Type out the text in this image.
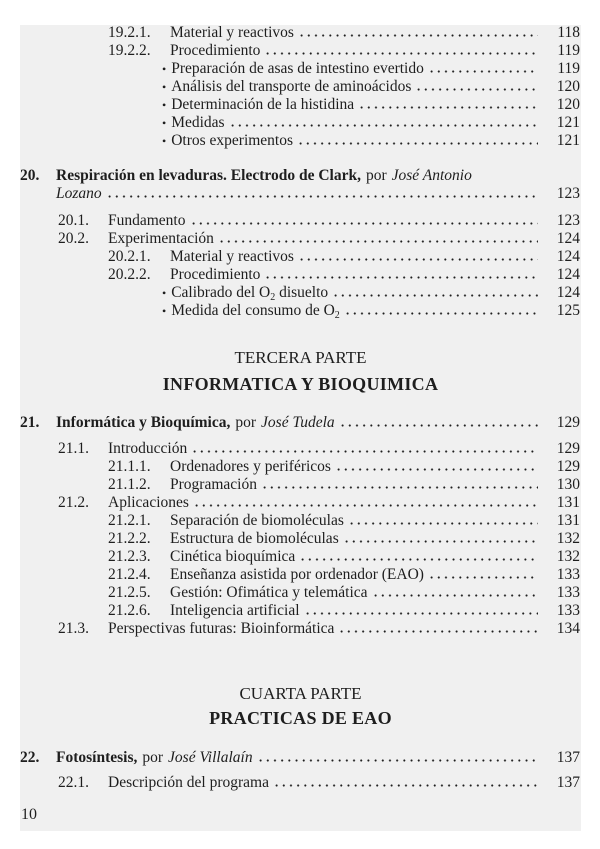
19.2.1.	Material y reactivos	118
19.2.2.	Procedimiento	119
• Preparación de asas de intestino evertido	119
• Análisis del transporte de aminoácidos	120
• Determinación de la histidina	120
• Medidas	121
• Otros experimentos	121
20.	Respiración en levaduras. Electrodo de Clark, por José Antonio
Lozano	123
20.1.	Fundamento	123
20.2.	Experimentación	124
20.2.1.	Material y reactivos	124
20.2.2.	Procedimiento	124
• Calibrado del $O_2$ disuelto	124
• Medida del consumo de $O_2$	125
TERCERA PARTE
INFORMATICA Y BIOQUIMICA
21.	Informática y Bioquímica, por José Tudela	129
21.1.	Introducción	129
21.1.1.	Ordenadores y periféricos	129
21.1.2.	Programación	130
21.2.	Aplicaciones	131
21.2.1.	Separación de biomoléculas	131
21.2.2.	Estructura de biomoléculas	132
21.2.3.	Cinética bioquímica	132
21.2.4.	Enseñanza asistida por ordenador (EAO)	133
21.2.5.	Gestión: Ofimática y telemática	133
21.2.6.	Inteligencia artificial	133
21.3.	Perspectivas futuras: Bioinformática	134
CUARTA PARTE
PRACTICAS DE EAO
22.	Fotosíntesis, por José Villalaín	137
22.1.	Descripción del programa	137
10
